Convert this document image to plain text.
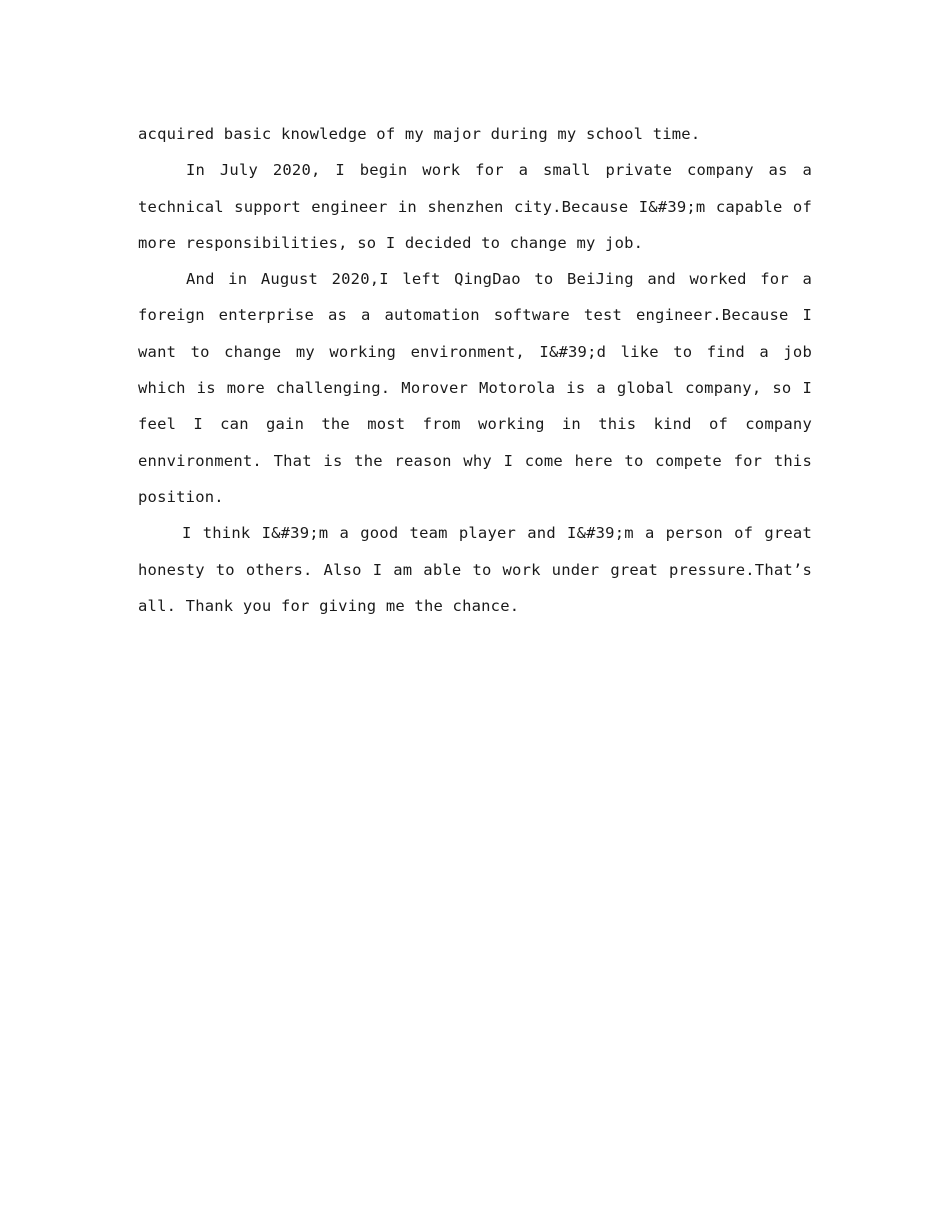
acquired basic knowledge of my major during my school time.

In July 2020, I begin work for a small private company as a technical support engineer in shenzhen city.Because I&#39;m capable of more responsibilities, so I decided to change my job.

And in August 2020,I left QingDao to BeiJing and worked for a foreign enterprise as a automation software test engineer.Because I want to change my working environment, I&#39;d like to find a job which is more challenging. Morover Motorola is a global company, so I feel I can gain the most from working in this kind of company ennvironment. That is the reason why I come here to compete for this position.

I think I&#39;m a good team player and I&#39;m a person of great honesty to others. Also I am able to work under great pressure.That’s all. Thank you for giving me the chance.
